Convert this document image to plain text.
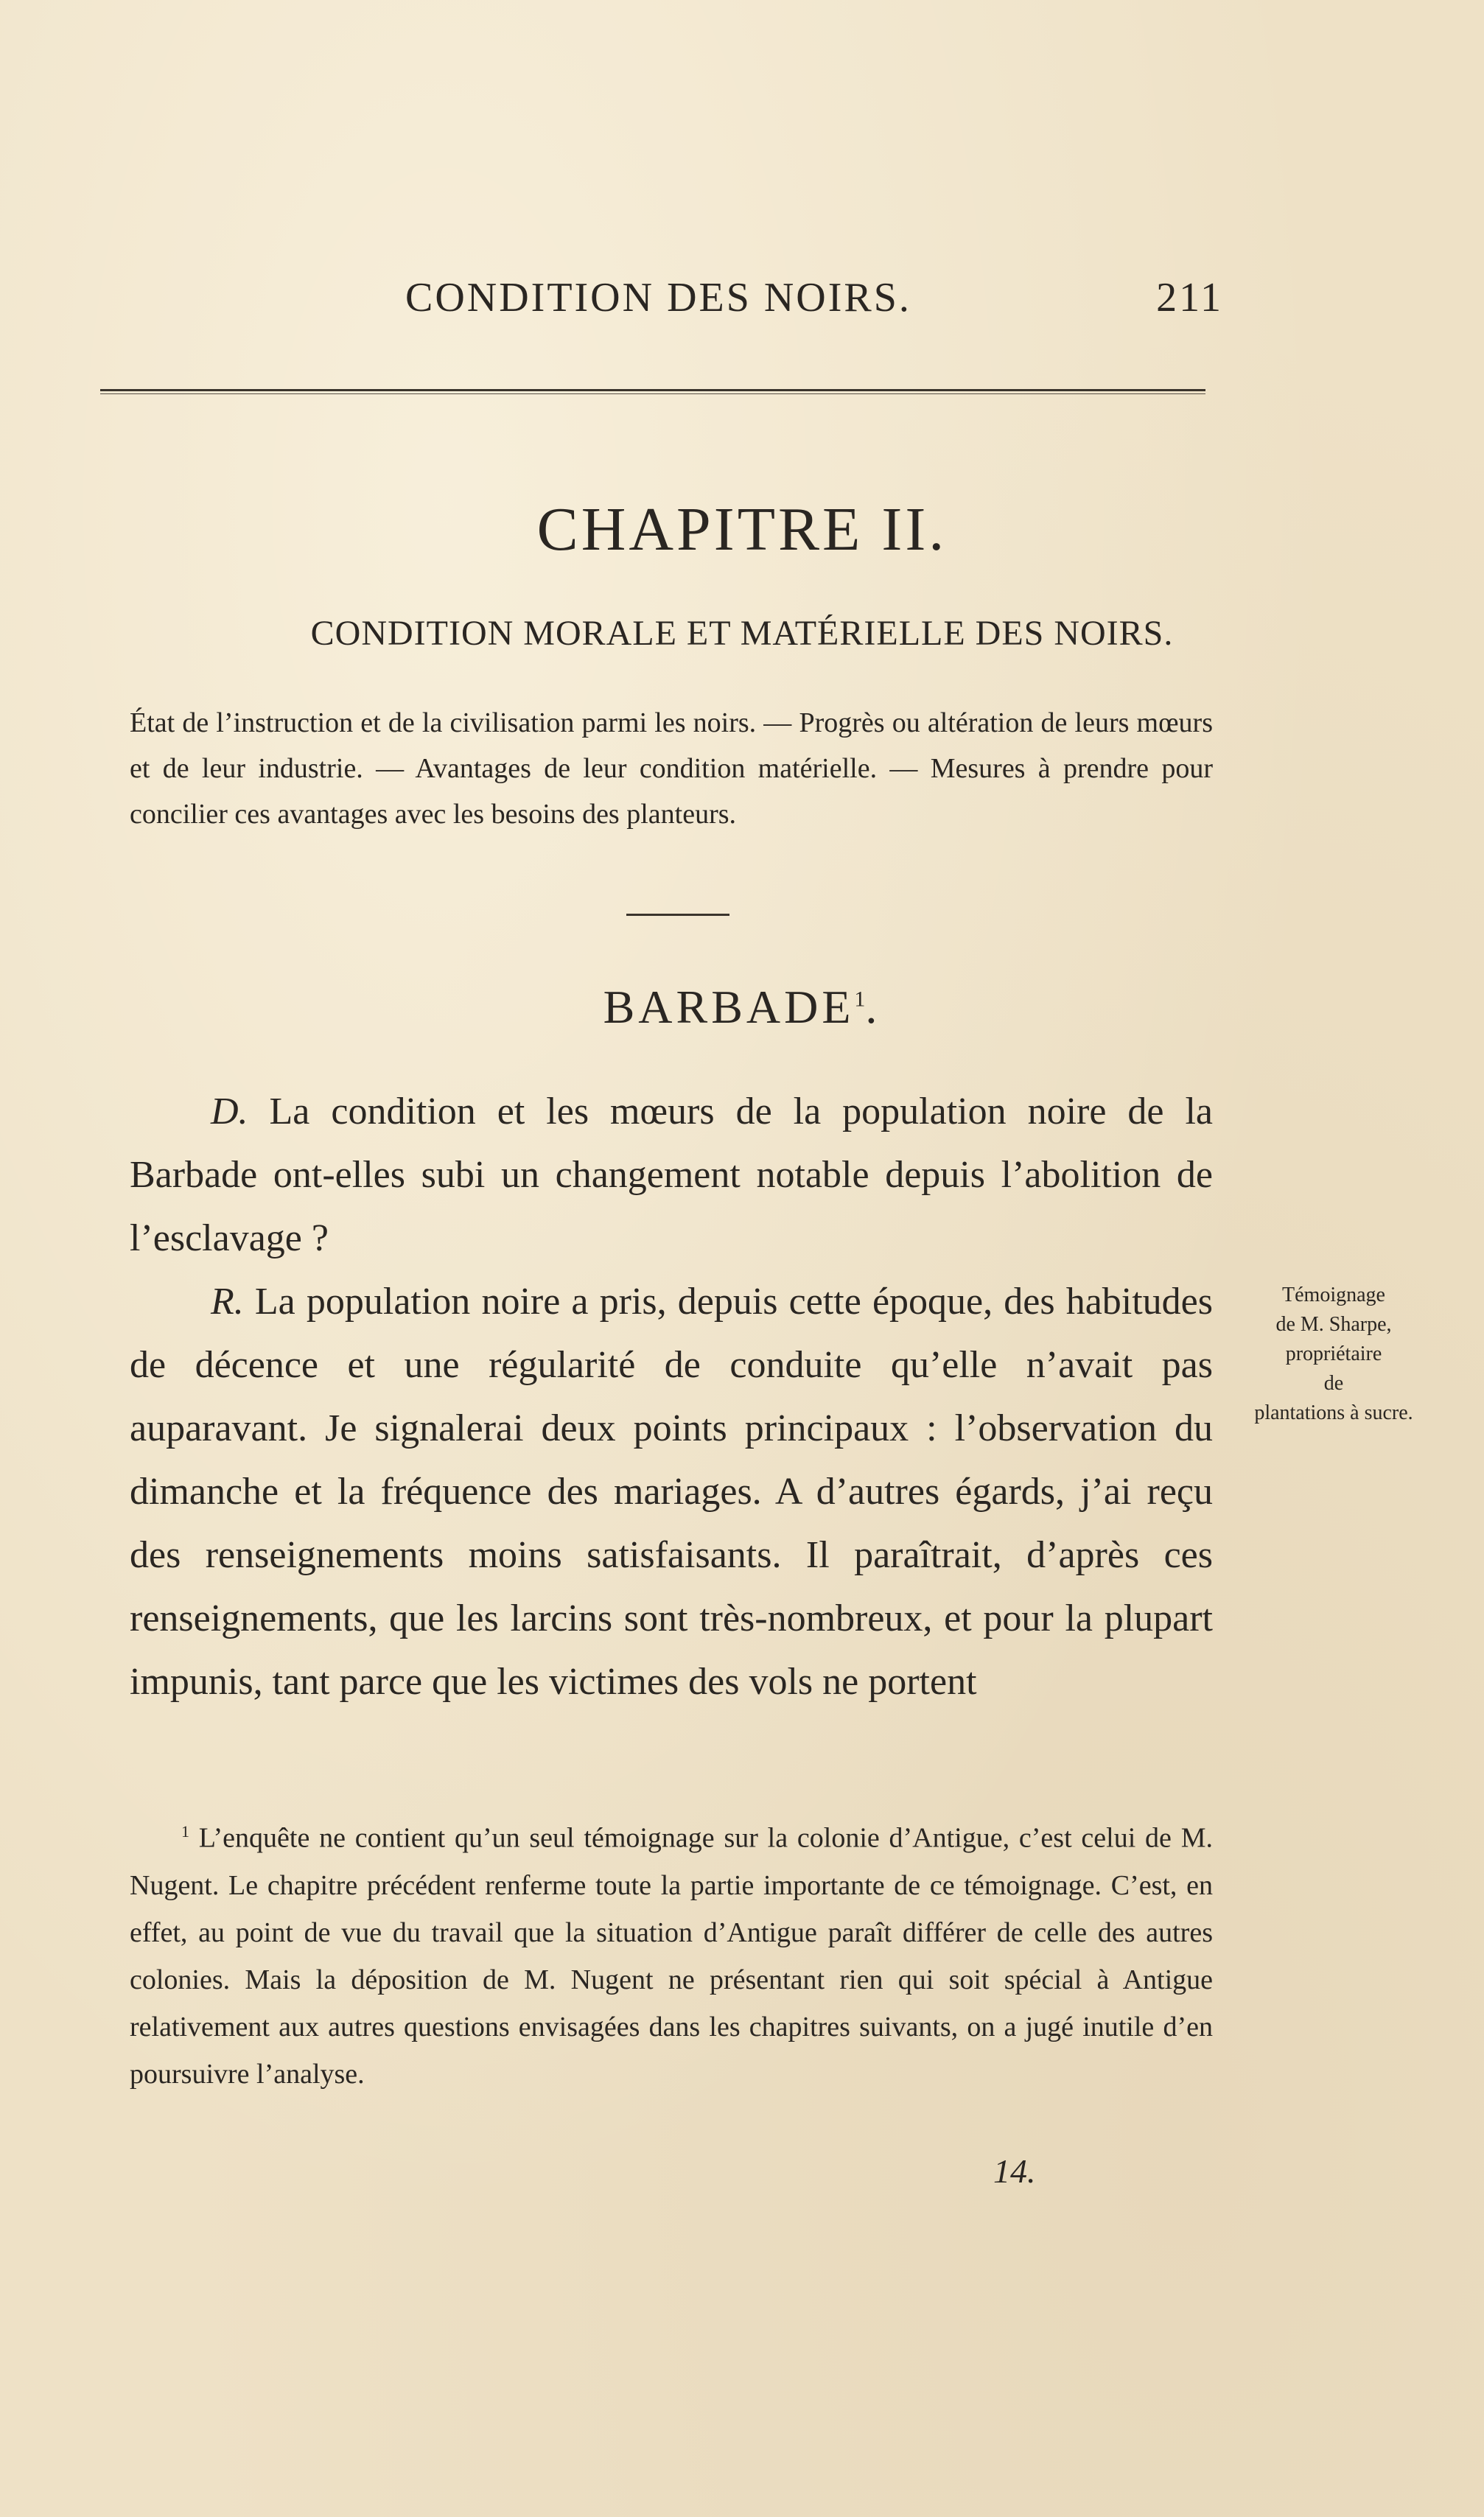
CONDITION DES NOIRS.	211
CHAPITRE II.
CONDITION MORALE ET MATÉRIELLE DES NOIRS.
État de l’instruction et de la civilisation parmi les noirs. — Progrès ou altération de leurs mœurs et de leur industrie. — Avantages de leur condition matérielle. — Mesures à prendre pour concilier ces avantages avec les besoins des planteurs.
BARBADE$^1$.

D. La condition et les mœurs de la population noire de la Barbade ont-elles subi un changement notable depuis l’abolition de l’esclavage ?

R. La population noire a pris, depuis cette époque, des habitudes de décence et une régularité de conduite qu’elle n’avait pas auparavant. Je signalerai deux points principaux : l’observation du dimanche et la fréquence des mariages. A d’autres égards, j’ai reçu des renseignements moins satisfaisants. Il paraîtrait, d’après ces renseignements, que les larcins sont très-nombreux, et pour la plupart impunis, tant parce que les victimes des vols ne portent

Témoignage
de M. Sharpe,
propriétaire
de
plantations à sucre.

$^1$ L’enquête ne contient qu’un seul témoignage sur la colonie d’Antigue, c’est celui de M. Nugent. Le chapitre précédent renferme toute la partie importante de ce témoignage. C’est, en effet, au point de vue du travail que la situation d’Antigue paraît différer de celle des autres colonies. Mais la déposition de M. Nugent ne présentant rien qui soit spécial à Antigue relativement aux autres questions envisagées dans les chapitres suivants, on a jugé inutile d’en poursuivre l’analyse.

14.
